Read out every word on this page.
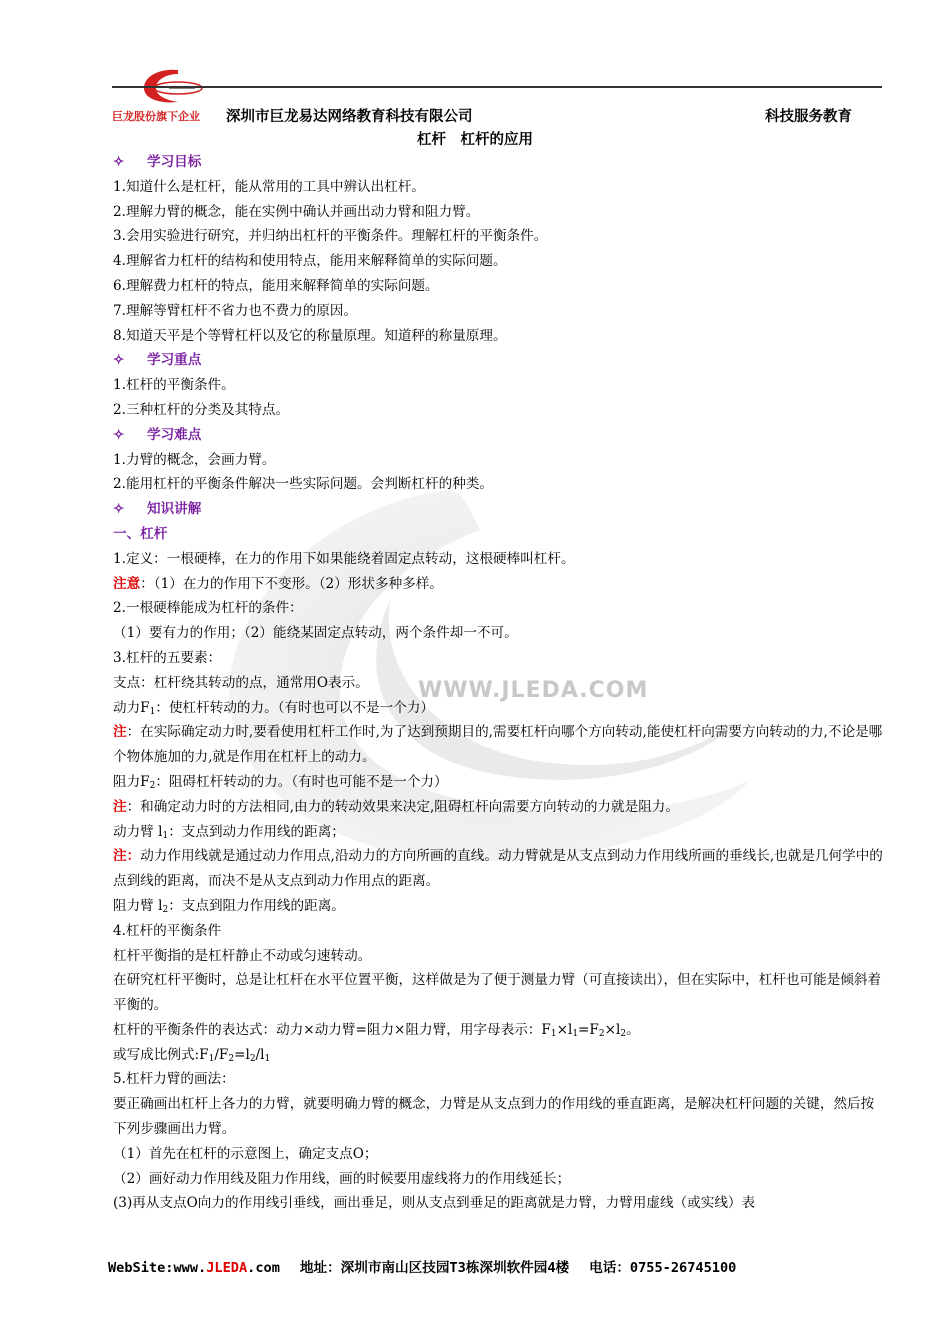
WWW.JLEDA.COM
巨龙股份旗下企业 深圳市巨龙易达网络教育科技有限公司	科技服务教育
杠杆　杠杆的应用
✧ 学习目标
1.知道什么是杠杆，能从常用的工具中辨认出杠杆。
2.理解力臂的概念，能在实例中确认并画出动力臂和阻力臂。
3.会用实验进行研究，并归纳出杠杆的平衡条件。理解杠杆的平衡条件。
4.理解省力杠杆的结构和使用特点，能用来解释简单的实际问题。
6.理解费力杠杆的特点，能用来解释简单的实际问题。
7.理解等臂杠杆不省力也不费力的原因。
8.知道天平是个等臂杠杆以及它的称量原理。知道秤的称量原理。
✧ 学习重点
1.杠杆的平衡条件。
2.三种杠杆的分类及其特点。
✧ 学习难点
1.力臂的概念，会画力臂。
2.能用杠杆的平衡条件解决一些实际问题。会判断杠杆的种类。
✧ 知识讲解
一、杠杆
1.定义：一根硬棒，在力的作用下如果能绕着固定点转动，这根硬棒叫杠杆。
注意：（1）在力的作用下不变形。（2）形状多种多样。
2.一根硬棒能成为杠杆的条件：
（1）要有力的作用；（2）能绕某固定点转动，两个条件却一不可。
3.杠杆的五要素：
支点：杠杆绕其转动的点，通常用O表示。
动力$F_1$：使杠杆转动的力。（有时也可以不是一个力）
注：在实际确定动力时,要看使用杠杆工作时,为了达到预期目的,需要杠杆向哪个方向转动,能使杠杆向需要方向转动的力,不论是哪个物体施加的力,就是作用在杠杆上的动力。
阻力$F_2$：阻碍杠杆转动的力。（有时也可能不是一个力）
注：和确定动力时的方法相同,由力的转动效果来决定,阻碍杠杆向需要方向转动的力就是阻力。
动力臂 $l_1$：支点到动力作用线的距离；
注：动力作用线就是通过动力作用点,沿动力的方向所画的直线。动力臂就是从支点到动力作用线所画的垂线长,也就是几何学中的点到线的距离，而决不是从支点到动力作用点的距离。
阻力臂 $l_2$：支点到阻力作用线的距离。
4.杠杆的平衡条件
杠杆平衡指的是杠杆静止不动或匀速转动。
在研究杠杆平衡时，总是让杠杆在水平位置平衡，这样做是为了便于测量力臂（可直接读出），但在实际中，杠杆也可能是倾斜着平衡的。
杠杆的平衡条件的表达式：动力×动力臂=阻力×阻力臂，用字母表示：$F_1\times l_1=F_2\times l_2$。
或写成比例式$:F_1/F_2=l_2/l_1$
5.杠杆力臂的画法：
要正确画出杠杆上各力的力臂，就要明确力臂的概念，力臂是从支点到力的作用线的垂直距离，是解决杠杆问题的关键，然后按下列步骤画出力臂。
（1）首先在杠杆的示意图上，确定支点O；
（2）画好动力作用线及阻力作用线，画的时候要用虚线将力的作用线延长；
(3)再从支点O向力的作用线引垂线，画出垂足，则从支点到垂足的距离就是力臂，力臂用虚线（或实线）表
WebSite:www.JLEDA.com 地址：深圳市南山区技园T3栋深圳软件园4楼 电话：0755-26745100
